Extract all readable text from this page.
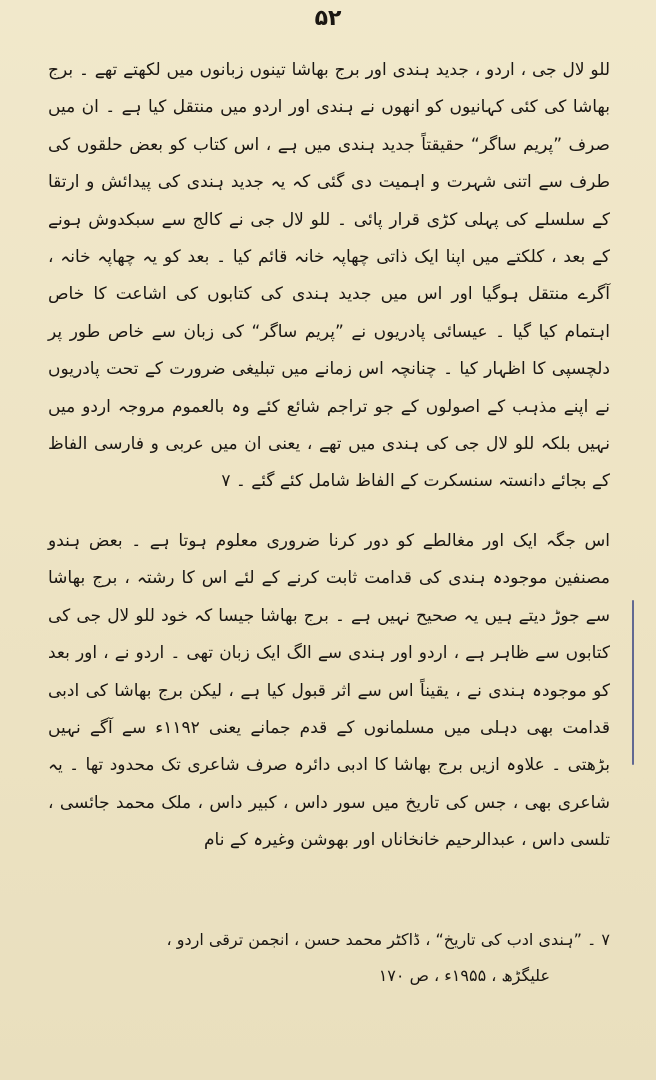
۵۲

للو لال جی ، اردو ، جدید ہندی اور برج بھاشا تینوں زبانوں میں لکھتے تھے ۔ برج بھاشا کی کئی کہانیوں کو انھوں نے ہندی اور اردو میں منتقل کیا ہے ۔ ان میں صرف ”پریم ساگر“ حقیقتاً جدید ہندی میں ہے ، اس کتاب کو بعض حلقوں کی طرف سے اتنی شہرت و اہمیت دی گئی کہ یہ جدید ہندی کی پیدائش و ارتقا کے سلسلے کی پہلی کڑی قرار پائی ۔ للو لال جی نے کالج سے سبکدوش ہونے کے بعد ، کلکتے میں اپنا ایک ذاتی چھاپہ خانہ قائم کیا ۔ بعد کو یہ چھاپہ خانہ ، آگرے منتقل ہوگیا اور اس میں جدید ہندی کی کتابوں کی اشاعت کا خاص اہتمام کیا گیا ۔ عیسائی پادریوں نے ”پریم ساگر“ کی زبان سے خاص طور پر دلچسپی کا اظہار کیا ۔ چنانچہ اس زمانے میں تبلیغی ضرورت کے تحت پادریوں نے اپنے مذہب کے اصولوں کے جو تراجم شائع کئے وہ بالعموم مروجہ اردو میں نہیں بلکہ للو لال جی کی ہندی میں تھے ، یعنی ان میں عربی و فارسی الفاظ کے بجائے دانستہ سنسکرت کے الفاظ شامل کئے گئے ۔ ۷

اس جگہ ایک اور مغالطے کو دور کرنا ضروری معلوم ہوتا ہے ۔ بعض ہندو مصنفین موجودہ ہندی کی قدامت ثابت کرنے کے لئے اس کا رشتہ ، برج بھاشا سے جوڑ دیتے ہیں یہ صحیح نہیں ہے ۔ برج بھاشا جیسا کہ خود للو لال جی کی کتابوں سے ظاہر ہے ، اردو اور ہندی سے الگ ایک زبان تھی ۔ اردو نے ، اور بعد کو موجودہ ہندی نے ، یقیناً اس سے اثر قبول کیا ہے ، لیکن برج بھاشا کی ادبی قدامت بھی دہلی میں مسلمانوں کے قدم جمانے یعنی ۱۱۹۲ء سے آگے نہیں بڑھتی ۔ علاوہ ازیں برج بھاشا کا ادبی دائرہ صرف شاعری تک محدود تھا ۔ یہ شاعری بھی ، جس کی تاریخ میں سور داس ، کبیر داس ، ملک محمد جائسی ، تلسی داس ، عبدالرحیم خانخاناں اور بھوشن وغیرہ کے نام

۷ ۔ ”ہندی ادب کی تاریخ“ ، ڈاکٹر محمد حسن ، انجمن ترقی اردو ،

علیگڑھ ، ۱۹۵۵ء ، ص ۱۷۰
